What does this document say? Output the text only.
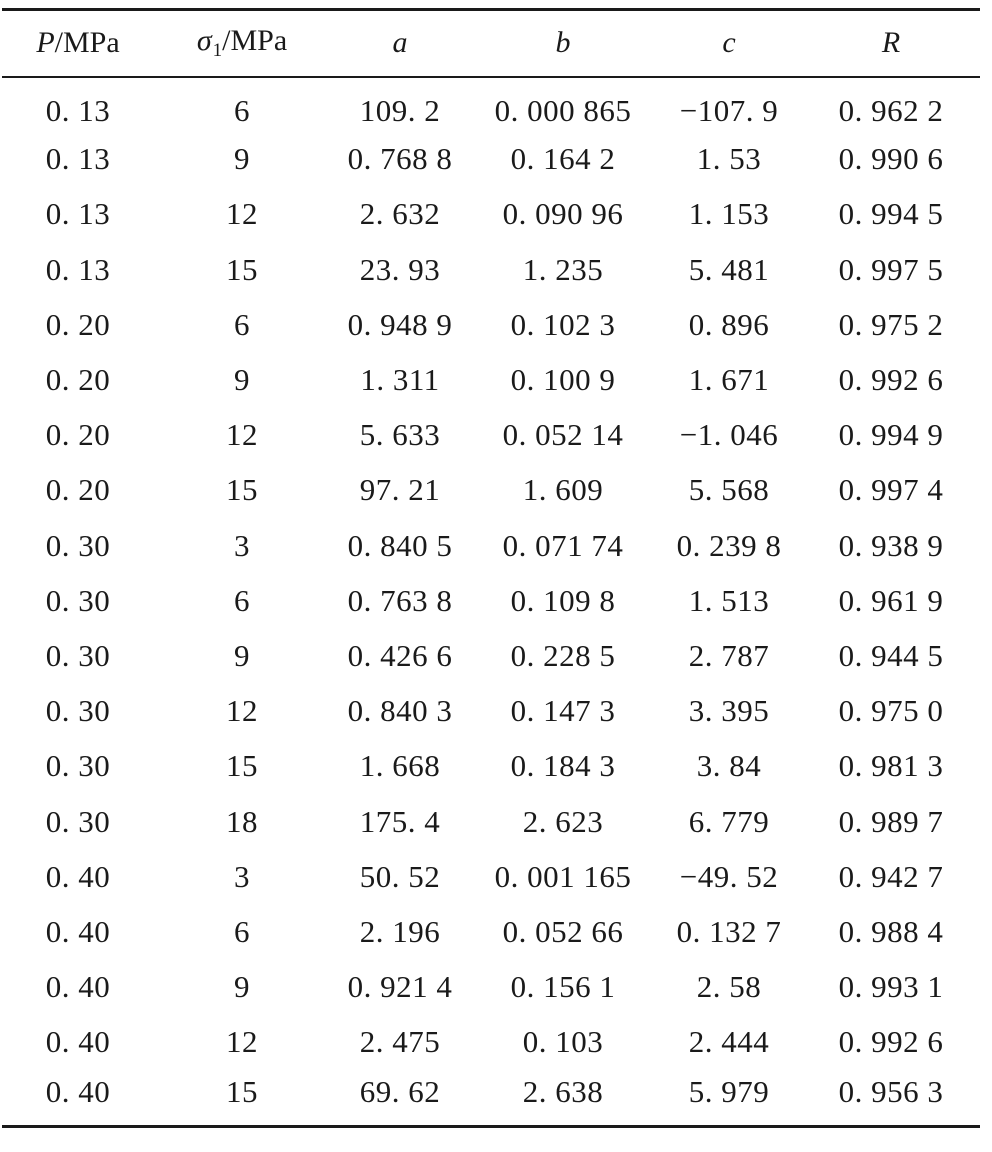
P/MPa	$\sigma_1$/MPa	a	b	c	R
0. 13	6	109. 2	0. 000 865	−107. 9	0. 962 2
0. 13	9	0. 768 8	0. 164 2	1. 53	0. 990 6
0. 13	12	2. 632	0. 090 96	1. 153	0. 994 5
0. 13	15	23. 93	1. 235	5. 481	0. 997 5
0. 20	6	0. 948 9	0. 102 3	0. 896	0. 975 2
0. 20	9	1. 311	0. 100 9	1. 671	0. 992 6
0. 20	12	5. 633	0. 052 14	−1. 046	0. 994 9
0. 20	15	97. 21	1. 609	5. 568	0. 997 4
0. 30	3	0. 840 5	0. 071 74	0. 239 8	0. 938 9
0. 30	6	0. 763 8	0. 109 8	1. 513	0. 961 9
0. 30	9	0. 426 6	0. 228 5	2. 787	0. 944 5
0. 30	12	0. 840 3	0. 147 3	3. 395	0. 975 0
0. 30	15	1. 668	0. 184 3	3. 84	0. 981 3
0. 30	18	175. 4	2. 623	6. 779	0. 989 7
0. 40	3	50. 52	0. 001 165	−49. 52	0. 942 7
0. 40	6	2. 196	0. 052 66	0. 132 7	0. 988 4
0. 40	9	0. 921 4	0. 156 1	2. 58	0. 993 1
0. 40	12	2. 475	0. 103	2. 444	0. 992 6
0. 40	15	69. 62	2. 638	5. 979	0. 956 3
